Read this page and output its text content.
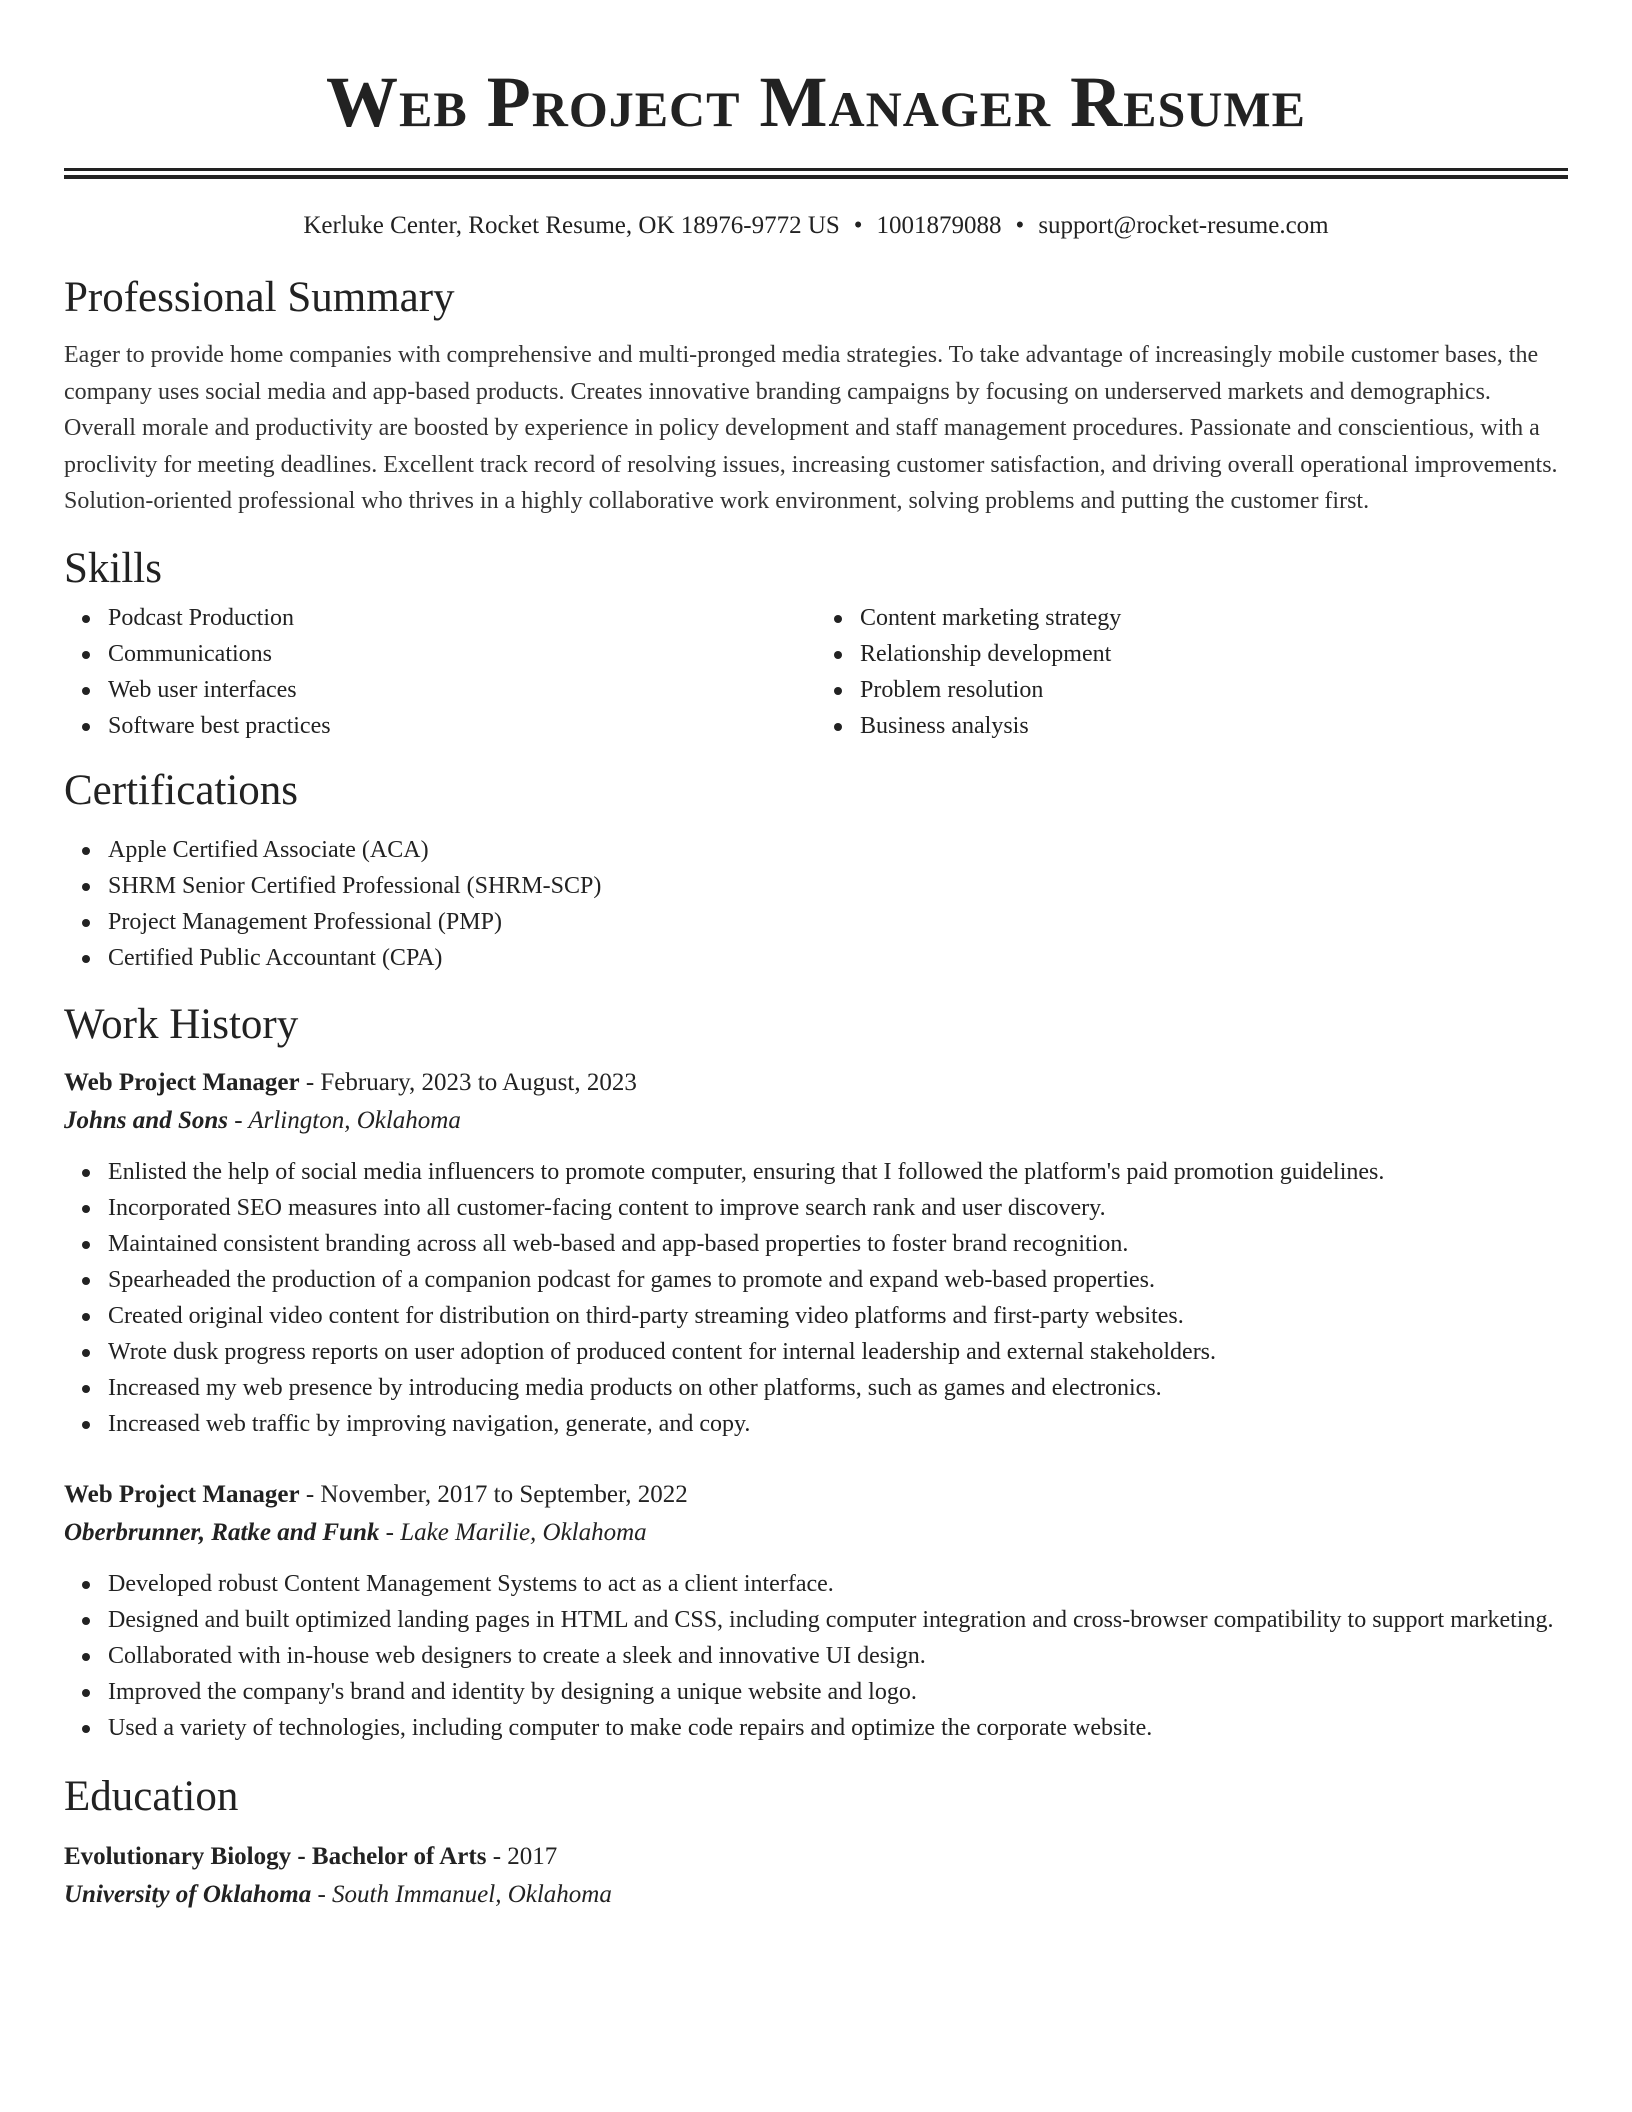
Web Project Manager Resume
Kerluke Center, Rocket Resume, OK 18976-9772 US • 1001879088 • support@rocket-resume.com
Professional Summary

Eager to provide home companies with comprehensive and multi-pronged media strategies. To take advantage of increasingly mobile customer bases, the company uses social media and app-based products. Creates innovative branding campaigns by focusing on underserved markets and demographics. Overall morale and productivity are boosted by experience in policy development and staff management procedures. Passionate and conscientious, with a proclivity for meeting deadlines. Excellent track record of resolving issues, increasing customer satisfaction, and driving overall operational improvements. Solution-oriented professional who thrives in a highly collaborative work environment, solving problems and putting the customer first.

Skills
Podcast Production
Communications
Web user interfaces
Software best practices
Content marketing strategy
Relationship development
Problem resolution
Business analysis
Certifications
Apple Certified Associate (ACA)
SHRM Senior Certified Professional (SHRM-SCP)
Project Management Professional (PMP)
Certified Public Accountant (CPA)
Work History
Web Project Manager - February, 2023 to August, 2023
Johns and Sons - Arlington, Oklahoma
Enlisted the help of social media influencers to promote computer, ensuring that I followed the platform's paid promotion guidelines.
Incorporated SEO measures into all customer-facing content to improve search rank and user discovery.
Maintained consistent branding across all web-based and app-based properties to foster brand recognition.
Spearheaded the production of a companion podcast for games to promote and expand web-based properties.
Created original video content for distribution on third-party streaming video platforms and first-party websites.
Wrote dusk progress reports on user adoption of produced content for internal leadership and external stakeholders.
Increased my web presence by introducing media products on other platforms, such as games and electronics.
Increased web traffic by improving navigation, generate, and copy.
Web Project Manager - November, 2017 to September, 2022
Oberbrunner, Ratke and Funk - Lake Marilie, Oklahoma
Developed robust Content Management Systems to act as a client interface.
Designed and built optimized landing pages in HTML and CSS, including computer integration and cross-browser compatibility to support marketing.
Collaborated with in-house web designers to create a sleek and innovative UI design.
Improved the company's brand and identity by designing a unique website and logo.
Used a variety of technologies, including computer to make code repairs and optimize the corporate website.
Education
Evolutionary Biology - Bachelor of Arts - 2017
University of Oklahoma - South Immanuel, Oklahoma
